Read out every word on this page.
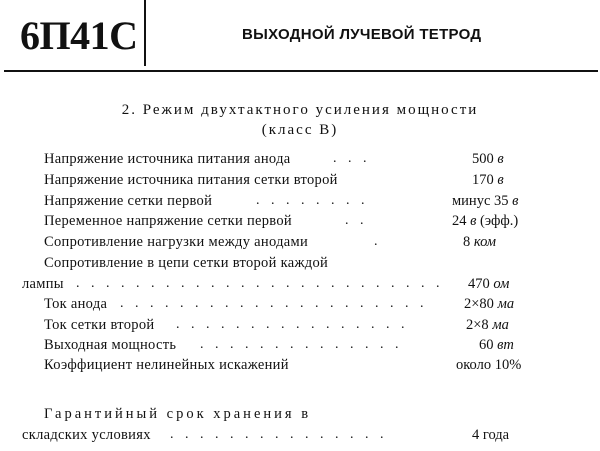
6П41С	ВЫХОДНОЙ ЛУЧЕВОЙ ТЕТРОД
2. Режим двухтактного усиления мощности
(класс В)
Напряжение источника питания анода	. . .	500 в
Напряжение источника питания сетки второй	170 в
Напряжение сетки первой	. . . . . . . .	минус 35 в
Переменное напряжение сетки первой	. .	24 в (эфф.)
Сопротивление нагрузки между анодами	.	8 ком
Сопротивление в цепи сетки второй каждой
лампы . . . . . . . . . . . . . . . . . . . . . . . . . 470 ом
Ток анода . . . . . . . . . . . . . . . . . . . . .	2×80 ма
Ток сетки второй . . . . . . . . . . . . . . . .	2×8 ма
Выходная мощность . . . . . . . . . . . . . .	60 вт
Коэффициент нелинейных искажений	около 10%
Гарантийный срок хранения в
складских условиях . . . . . . . . . . . . . . .	4 года
